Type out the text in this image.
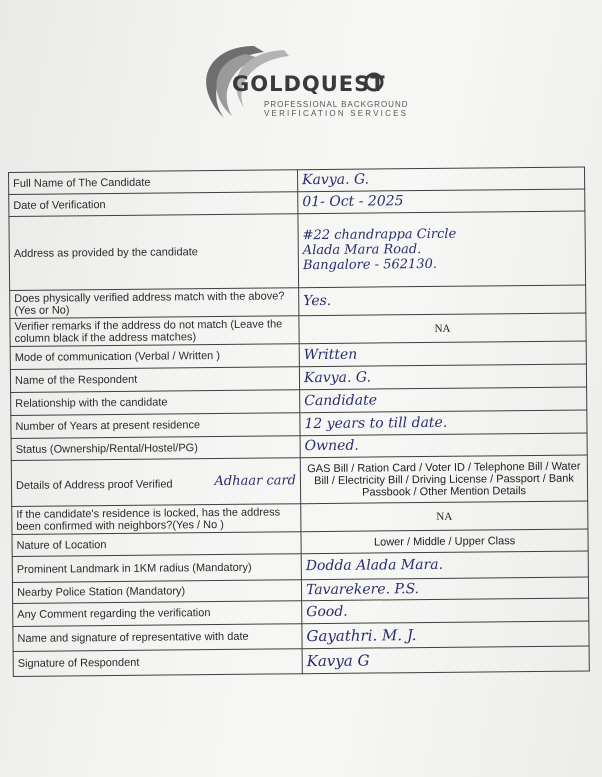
GOLDQUEST
PROFESSIONAL BACKGROUND
VERIFICATION SERVICES
Full Name of The Candidate	Kavya. G.
Date of Verification	01- Oct - 2025
Address as provided by the candidate	#22 chandrappa Circle
Alada Mara Road.
Bangalore - 562130.

Does physically verified address match with the above? (Yes or No)	Yes.
Verifier remarks if the address do not match (Leave the column black if the address matches)	NA

Mode of communication (Verbal / Written )	Written
Name of the Respondent	Kavya. G.
Relationship with the candidate	Candidate
Number of Years at present residence	12 years to till date.
Status (Ownership/Rental/Hostel/PG)	Owned.

Details of Address proof Verified Adhaar card	GAS Bill / Ration Card / Voter ID / Telephone Bill / Water Bill / Electricity Bill / Driving License / Passport / Bank Passbook / Other Mention Details

If the candidate's residence is locked, has the address been confirmed with neighbors?(Yes / No )	NA

Nature of Location	Lower / Middle / Upper Class

Prominent Landmark in 1KM radius (Mandatory)	Dodda Alada Mara.
Nearby Police Station (Mandatory)	Tavarekere. P.S.
Any Comment regarding the verification	Good.
Name and signature of representative with date	Gayathri. M. J.
Signature of Respondent	Kavya G
